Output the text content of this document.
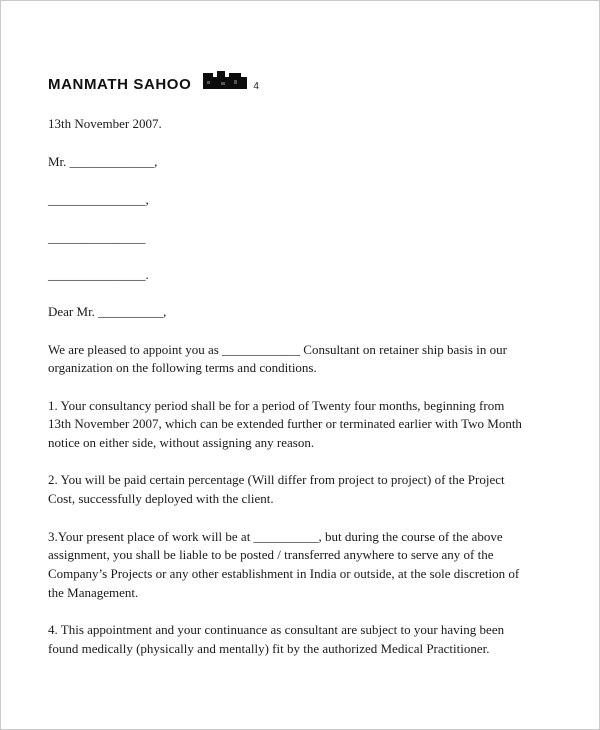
MANMATH SAHOO	4
13th November 2007.
Mr. _____________,
_______________,
_______________
_______________.
Dear Mr. __________,
We are pleased to appoint you as ____________ Consultant on retainer ship basis in our
organization on the following terms and conditions.
1. Your consultancy period shall be for a period of Twenty four months, beginning from
13th November 2007, which can be extended further or terminated earlier with Two Month
notice on either side, without assigning any reason.
2. You will be paid certain percentage (Will differ from project to project) of the Project
Cost, successfully deployed with the client.
3.Your present place of work will be at __________, but during the course of the above
assignment, you shall be liable to be posted / transferred anywhere to serve any of the
Company’s Projects or any other establishment in India or outside, at the sole discretion of
the Management.
4. This appointment and your continuance as consultant are subject to your having been
found medically (physically and mentally) fit by the authorized Medical Practitioner.
